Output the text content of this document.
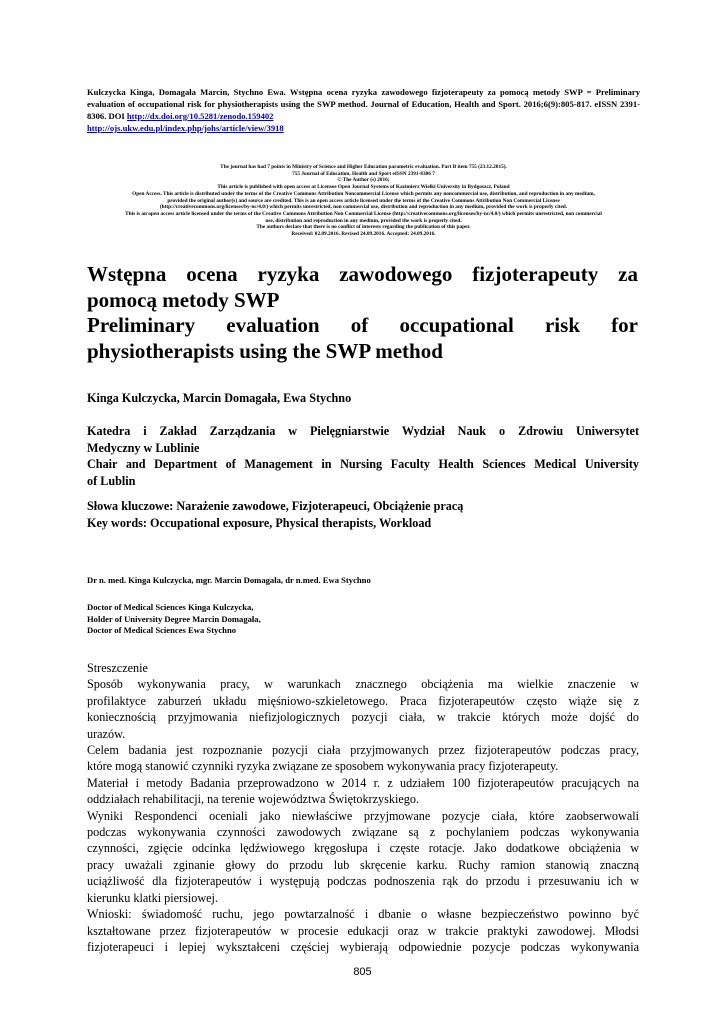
Kulczycka Kinga, Domagała Marcin, Stychno Ewa. Wstępna ocena ryzyka zawodowego fizjoterapeuty za pomocą metody SWP = Preliminary evaluation of occupational risk for physiotherapists using the SWP method. Journal of Education, Health and Sport. 2016;6(9):805-817. eISSN 2391-8306. DOI http://dx.doi.org/10.5281/zenodo.159402
http://ojs.ukw.edu.pl/index.php/johs/article/view/3918
The journal has had 7 points in Ministry of Science and Higher Education parametric evaluation. Part B item 755 (23.12.2015).
755 Journal of Education, Health and Sport eISSN 2391-8306 7
© The Author (s) 2016;
This article is published with open access at Licensee Open Journal Systems of Kazimierz Wielki University in Bydgoszcz, Poland
Open Access. This article is distributed under the terms of the Creative Commons Attribution Noncommercial License which permits any noncommercial use, distribution, and reproduction in any medium,
provided the original author(s) and source are credited. This is an open access article licensed under the terms of the Creative Commons Attribution Non Commercial License
(http://creativecommons.org/licenses/by-nc/4.0/) which permits unrestricted, non commercial use, distribution and reproduction in any medium, provided the work is properly cited.
This is an open access article licensed under the terms of the Creative Commons Attribution Non Commercial License (http://creativecommons.org/licenses/by-nc/4.0/) which permits unrestricted, non commercial
use, distribution and reproduction in any medium, provided the work is properly cited.
The authors declare that there is no conflict of interests regarding the publication of this paper.
Received: 02.09.2016. Revised 24.09.2016. Accepted: 24.09.2016.
Wstępna ocena ryzyka zawodowego fizjoterapeuty za
pomocą metody SWP
Preliminary evaluation of occupational risk for
physiotherapists using the SWP method
Kinga Kulczycka, Marcin Domagała, Ewa Stychno
Katedra i Zakład Zarządzania w Pielęgniarstwie Wydział Nauk o Zdrowiu Uniwersytet
Medyczny w Lublinie
Chair and Department of Management in Nursing Faculty Health Sciences Medical University
of Lublin
Słowa kluczowe: Narażenie zawodowe, Fizjoterapeuci, Obciążenie pracą
Key words: Occupational exposure, Physical therapists, Workload
Dr n. med. Kinga Kulczycka, mgr. Marcin Domagała, dr n.med. Ewa Stychno
Doctor of Medical Sciences Kinga Kulczycka,
Holder of University Degree Marcin Domagała,
Doctor of Medical Sciences Ewa Stychno
Streszczenie
Sposób wykonywania pracy, w warunkach znacznego obciążenia ma wielkie znaczenie w
profilaktyce zaburzeń układu mięśniowo-szkieletowego. Praca fizjoterapeutów często wiąże się z
koniecznością przyjmowania niefizjologicznych pozycji ciała, w trakcie których może dojść do
urazów.
Celem badania jest rozpoznanie pozycji ciała przyjmowanych przez fizjoterapeutów podczas pracy,
które mogą stanowić czynniki ryzyka związane ze sposobem wykonywania pracy fizjoterapeuty.
Materiał i metody Badania przeprowadzono w 2014 r. z udziałem 100 fizjoterapeutów pracujących na
oddziałach rehabilitacji, na terenie województwa Świętokrzyskiego.
Wyniki Respondenci oceniali jako niewłaściwe przyjmowane pozycje ciała, które zaobserwowali
podczas wykonywania czynności zawodowych związane są z pochylaniem podczas wykonywania
czynności, zgięcie odcinka lędźwiowego kręgosłupa i częste rotacje. Jako dodatkowe obciążenia w
pracy uważali zginanie głowy do przodu lub skręcenie karku. Ruchy ramion stanowią znaczną
uciążliwość dla fizjoterapeutów i występują podczas podnoszenia rąk do przodu i przesuwaniu ich w
kierunku klatki piersiowej.
Wnioski: świadomość ruchu, jego powtarzalność i dbanie o własne bezpieczeństwo powinno być
kształtowane przez fizjoterapeutów w procesie edukacji oraz w trakcie praktyki zawodowej. Młodsi
fizjoterapeuci i lepiej wykształceni częściej wybierają odpowiednie pozycje podczas wykonywania
805
